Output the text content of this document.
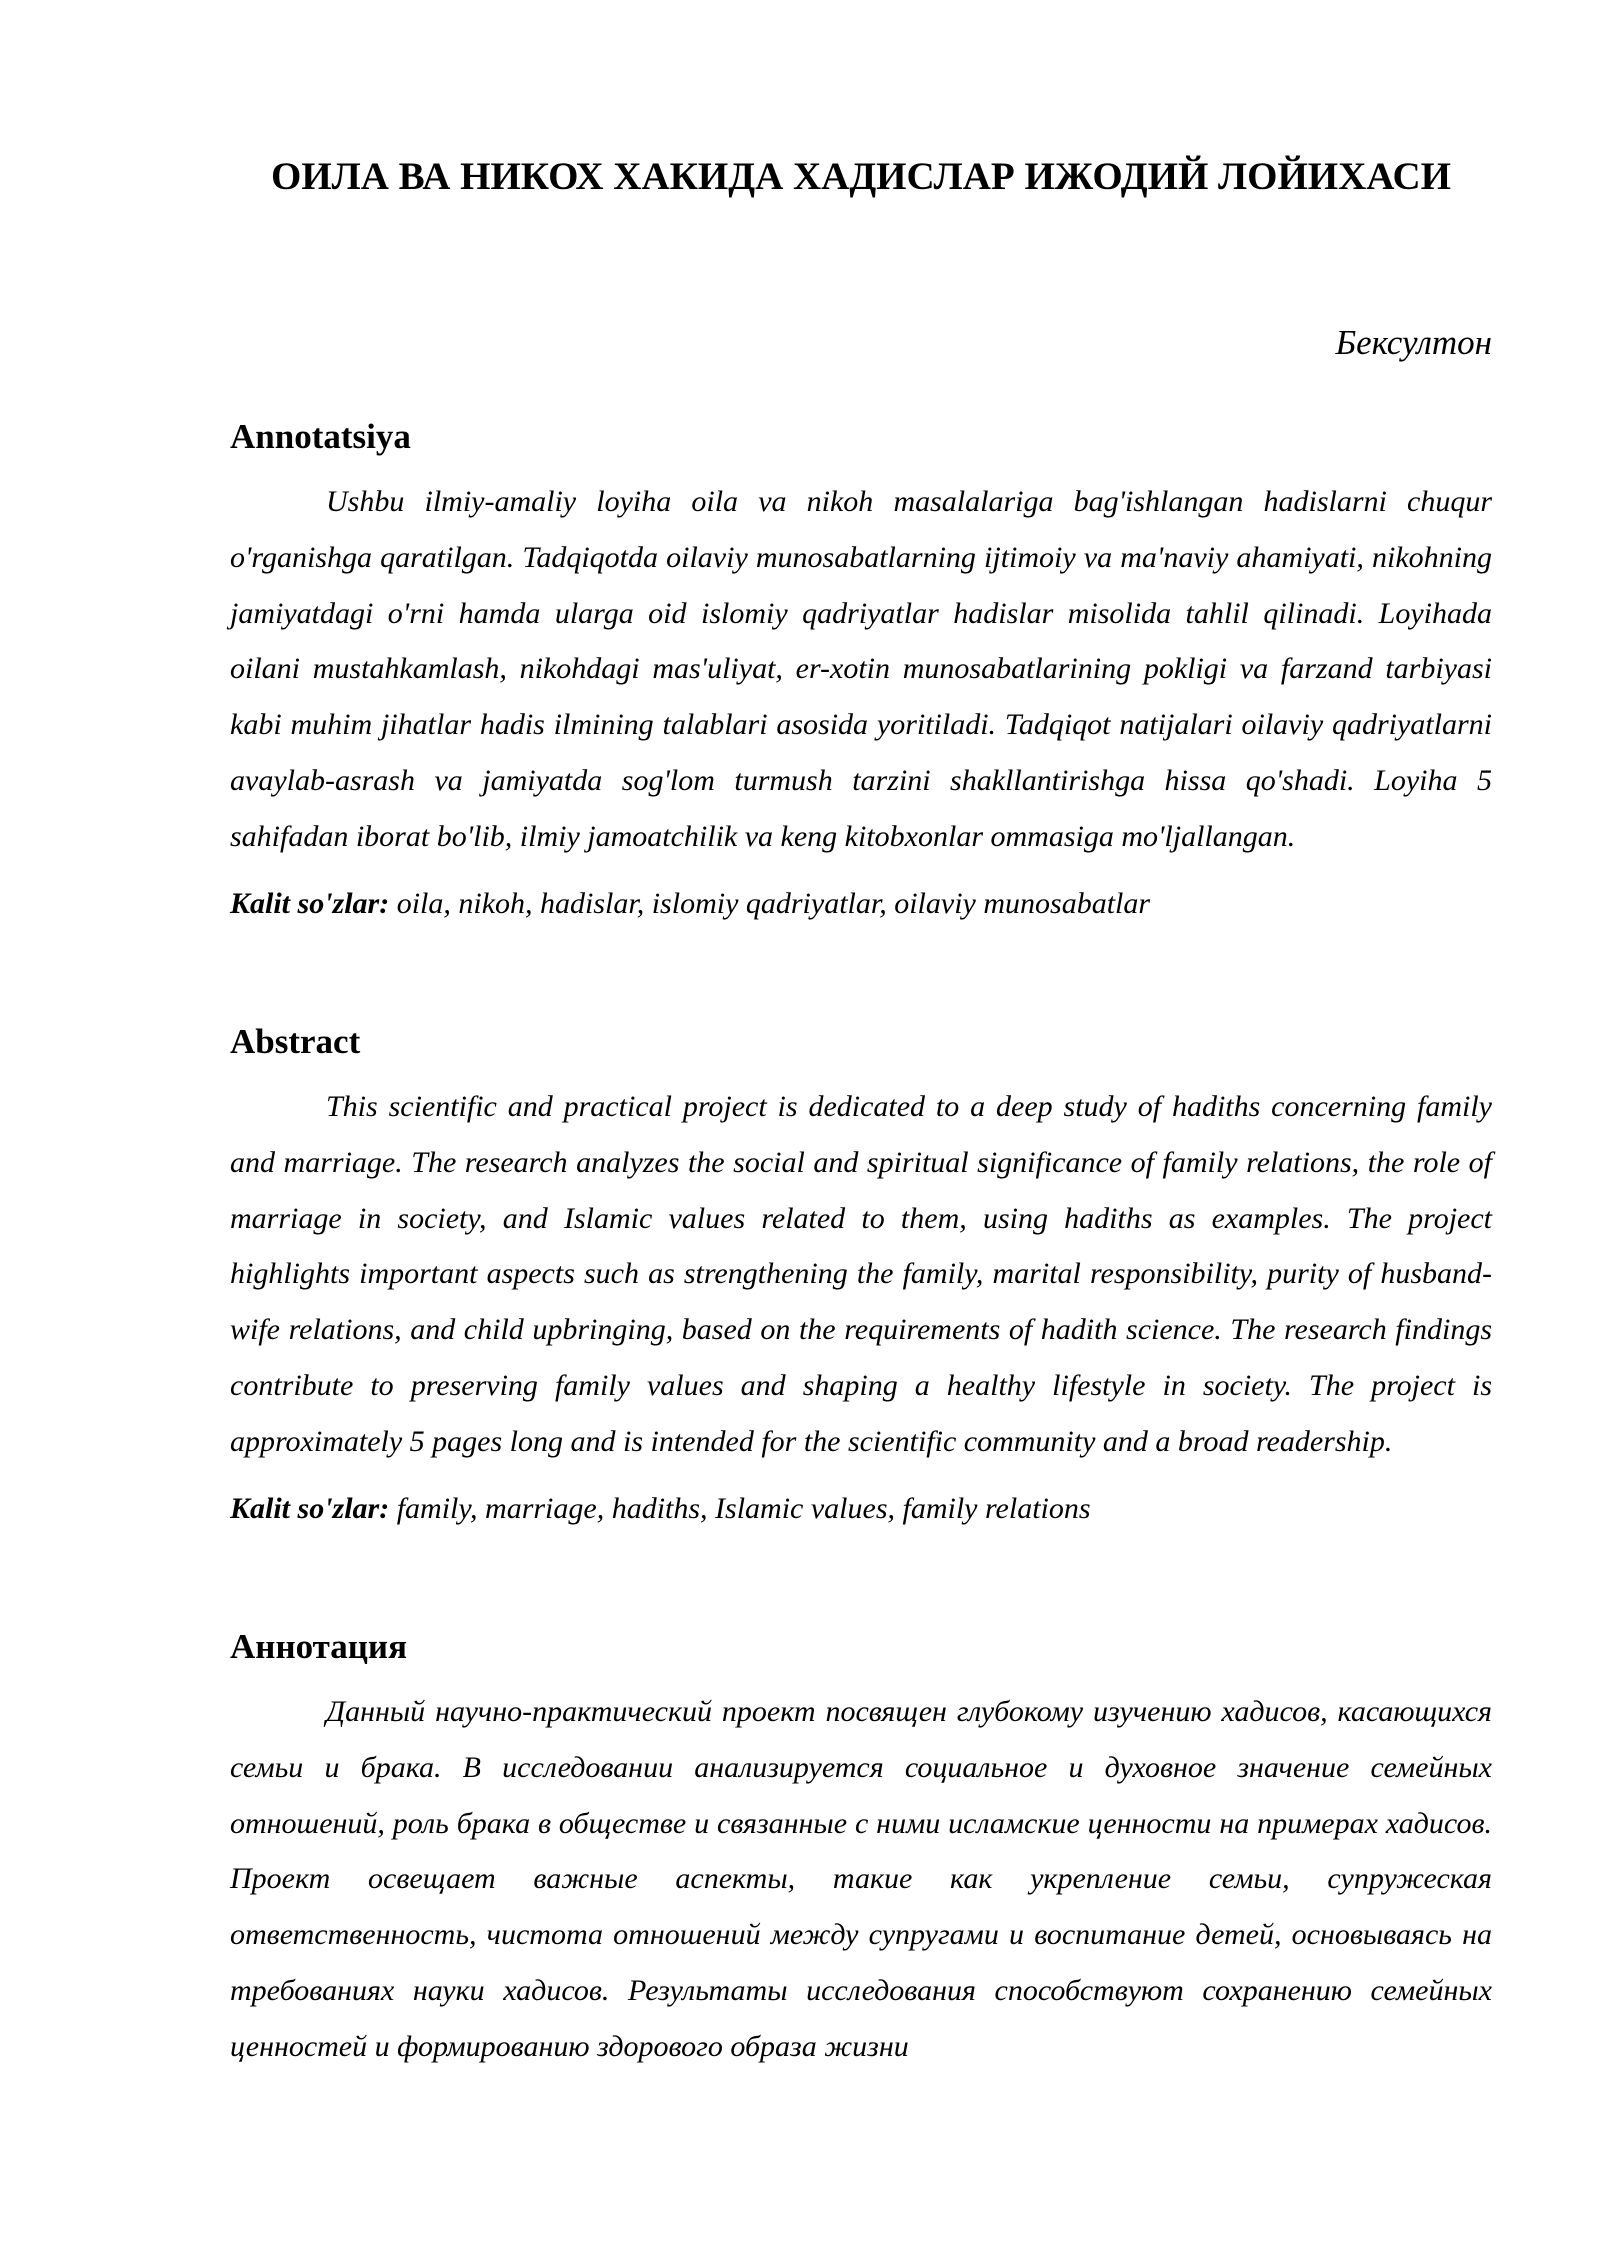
ОИЛА ВА НИКОХ ХАКИДА ХАДИСЛАР ИЖОДИЙ ЛОЙИХАСИ
Бексултон
Annotatsiya

Ushbu ilmiy-amaliy loyiha oila va nikoh masalalariga bag'ishlangan hadislarni chuqur o'rganishga qaratilgan. Tadqiqotda oilaviy munosabatlarning ijtimoiy va ma'naviy ahamiyati, nikohning jamiyatdagi o'rni hamda ularga oid islomiy qadriyatlar hadislar misolida tahlil qilinadi. Loyihada oilani mustahkamlash, nikohdagi mas'uliyat, er-xotin munosabatlarining pokligi va farzand tarbiyasi kabi muhim jihatlar hadis ilmining talablari asosida yoritiladi. Tadqiqot natijalari oilaviy qadriyatlarni avaylab-asrash va jamiyatda sog'lom turmush tarzini shakllantirishga hissa qo'shadi. Loyiha 5 sahifadan iborat bo'lib, ilmiy jamoatchilik va keng kitobxonlar ommasiga mo'ljallangan.

Kalit so'zlar: oila, nikoh, hadislar, islomiy qadriyatlar, oilaviy munosabatlar

Abstract

This scientific and practical project is dedicated to a deep study of hadiths concerning family and marriage. The research analyzes the social and spiritual significance of family relations, the role of marriage in society, and Islamic values related to them, using hadiths as examples. The project highlights important aspects such as strengthening the family, marital responsibility, purity of husband-wife relations, and child upbringing, based on the requirements of hadith science. The research findings contribute to preserving family values and shaping a healthy lifestyle in society. The project is approximately 5 pages long and is intended for the scientific community and a broad readership.

Kalit so'zlar: family, marriage, hadiths, Islamic values, family relations

Аннотация

Данный научно-практический проект посвящен глубокому изучению хадисов, касающихся семьи и брака. В исследовании анализируется социальное и духовное значение семейных отношений, роль брака в обществе и связанные с ними исламские ценности на примерах хадисов. Проект освещает важные аспекты, такие как укрепление семьи, супружеская ответственность, чистота отношений между супругами и воспитание детей, основываясь на требованиях науки хадисов. Результаты исследования способствуют сохранению семейных ценностей и формированию здорового образа жизни
